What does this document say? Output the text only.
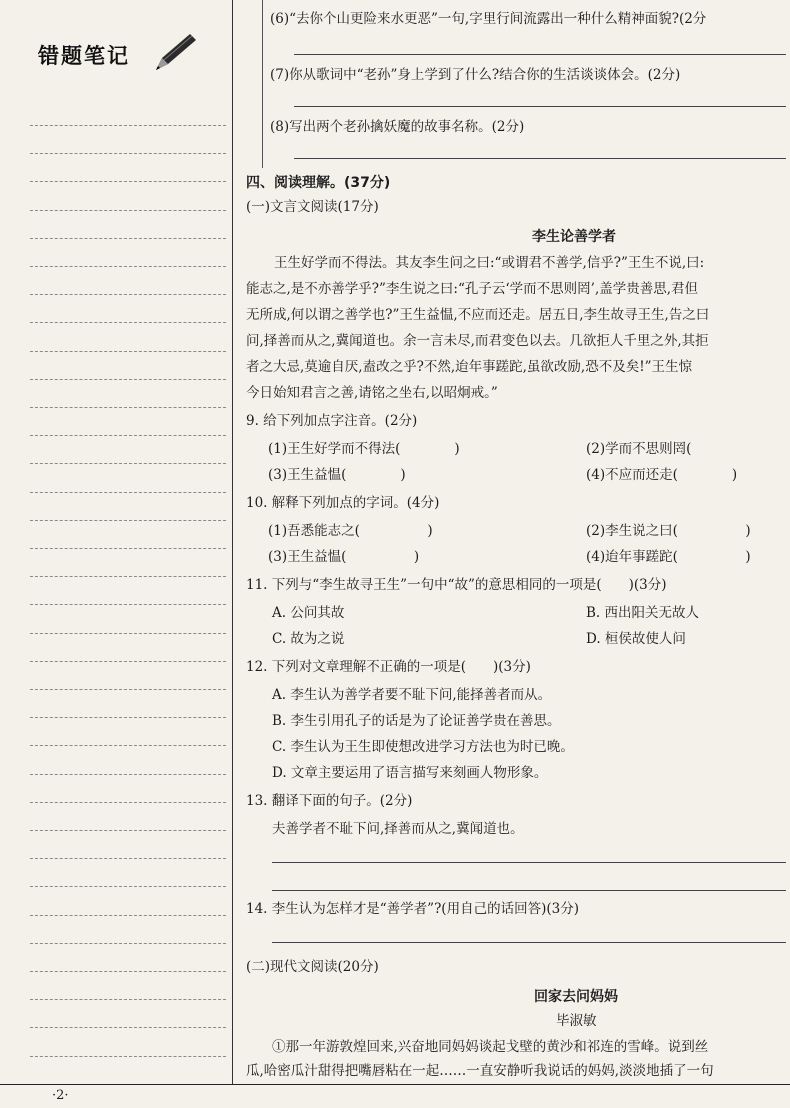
错题笔记
(6)“去你个山更险来水更恶”一句,字里行间流露出一种什么精神面貌?(2分
(7)你从歌词中“老孙”身上学到了什么?结合你的生活谈谈体会。(2分)
(8)写出两个老孙擒妖魔的故事名称。(2分)
四、阅读理解。(37分)
(一)文言文阅读(17分)
李生论善学者
王生好学而不得法。其友李生问之曰:“或谓君不善学,信乎?”王生不说,曰:
能志之,是不亦善学乎?”李生说之曰:“孔子云‘学而不思则罔’,盖学贵善思,君但
无所成,何以谓之善学也?”王生益愠,不应而还走。居五日,李生故寻王生,告之曰
问,择善而从之,冀闻道也。余一言未尽,而君变色以去。几欲拒人千里之外,其拒
者之大忌,莫逾自厌,盍改之乎?不然,迨年事蹉跎,虽欲改励,恐不及矣!”王生惊
今日始知君言之善,请铭之坐右,以昭炯戒。”
9. 给下列加点字注音。(2分)
(1)王生好学而不得法(　　　　)	(2)学而不思则罔(　　　　
(3)王生益愠(　　　　)	(4)不应而还走(　　　　)
10. 解释下列加点的字词。(4分)
(1)吾悉能志之(　　　　　)	(2)李生说之曰(　　　　　)
(3)王生益愠(　　　　　)	(4)迨年事蹉跎(　　　　　)
11. 下列与“李生故寻王生”一句中“故”的意思相同的一项是(　　)(3分)
A. 公问其故	B. 西出阳关无故人
C. 故为之说	D. 桓侯故使人问
12. 下列对文章理解不正确的一项是(　　)(3分)
A. 李生认为善学者要不耻下问,能择善者而从。
B. 李生引用孔子的话是为了论证善学贵在善思。
C. 李生认为王生即使想改进学习方法也为时已晚。
D. 文章主要运用了语言描写来刻画人物形象。
13. 翻译下面的句子。(2分)
夫善学者不耻下问,择善而从之,冀闻道也。
14. 李生认为怎样才是“善学者”?(用自己的话回答)(3分)
(二)现代文阅读(20分)
回家去问妈妈
毕淑敏
①那一年游敦煌回来,兴奋地同妈妈谈起戈壁的黄沙和祁连的雪峰。说到丝
瓜,哈密瓜汁甜得把嘴唇粘在一起……一直安静听我说话的妈妈,淡淡地插了一句
·2·
